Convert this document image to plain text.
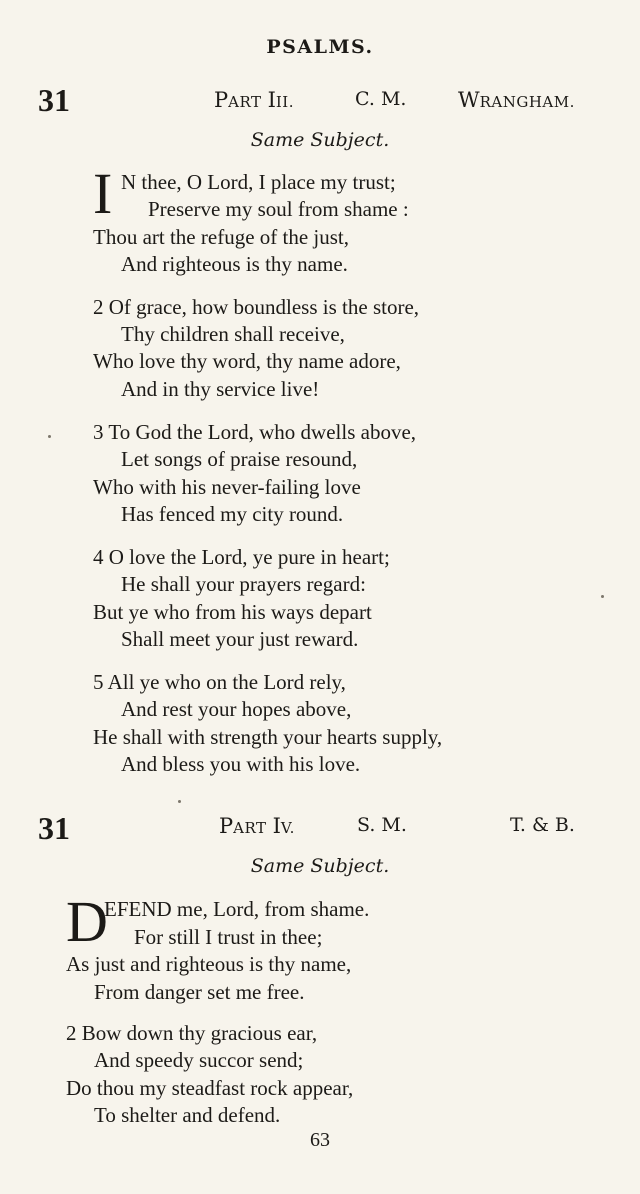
PSALMS.
31	PART III.	C. M. WRANGHAM.
Same Subject.
I N thee, O Lord, I place my trust;
Preserve my soul from shame :
Thou art the refuge of the just,
And righteous is thy name.
2 Of grace, how boundless is the store,
Thy children shall receive,
Who love thy word, thy name adore,
And in thy service live!
3 To God the Lord, who dwells above,
Let songs of praise resound,
Who with his never-failing love
Has fenced my city round.
4 O love the Lord, ye pure in heart;
He shall your prayers regard:
But ye who from his ways depart
Shall meet your just reward.
5 All ye who on the Lord rely,
And rest your hopes above,
He shall with strength your hearts supply,
And bless you with his love.
31	PART IV.	S. M.	T. & B.
Same Subject.
D
EFEND me, Lord, from shame.
For still I trust in thee;
As just and righteous is thy name,
From danger set me free.
2 Bow down thy gracious ear,
And speedy succor send;
Do thou my steadfast rock appear,
To shelter and defend.
63
